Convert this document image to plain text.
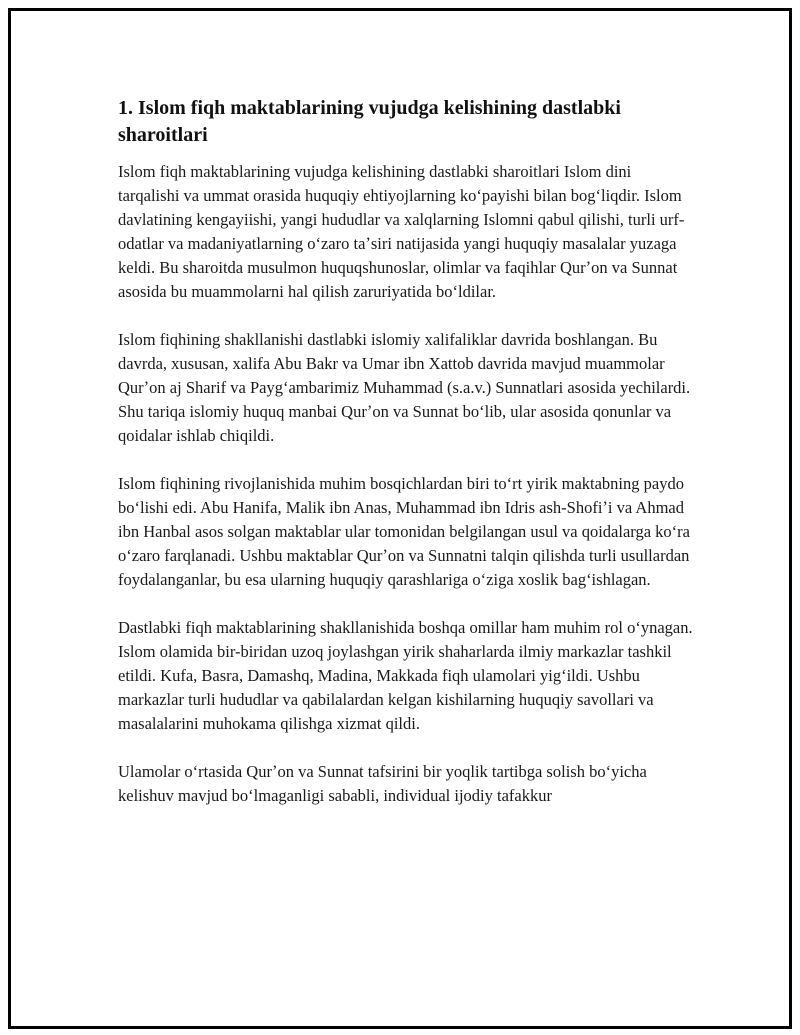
1. Islom fiqh maktablarining vujudga kelishining dastlabki sharoitlari

Islom fiqh maktablarining vujudga kelishining dastlabki sharoitlari Islom dini tarqalishi va ummat orasida huquqiy ehtiyojlarning koʻpayishi bilan bogʻliqdir. Islom davlatining kengayiishi, yangi hududlar va xalqlarning Islomni qabul qilishi, turli urf-odatlar va madaniyatlarning oʻzaro taʼsiri natijasida yangi huquqiy masalalar yuzaga keldi. Bu sharoitda musulmon huquqshunoslar, olimlar va faqihlar Qurʼon va Sunnat asosida bu muammolarni hal qilish zaruriyatida boʻldilar.

Islom fiqhining shakllanishi dastlabki islomiy xalifaliklar davrida boshlangan. Bu davrda, xususan, xalifa Abu Bakr va Umar ibn Xattob davrida mavjud muammolar Qurʼon aj Sharif va Paygʻambarimiz Muhammad (s.a.v.) Sunnatlari asosida yechilardi. Shu tariqa islomiy huquq manbai Qurʼon va Sunnat boʻlib, ular asosida qonunlar va qoidalar ishlab chiqildi.

Islom fiqhining rivojlanishida muhim bosqichlardan biri toʻrt yirik maktabning paydo boʻlishi edi. Abu Hanifa, Malik ibn Anas, Muhammad ibn Idris ash-Shofiʼi va Ahmad ibn Hanbal asos solgan maktablar ular tomonidan belgilangan usul va qoidalarga koʻra oʻzaro farqlanadi. Ushbu maktablar Qurʼon va Sunnatni talqin qilishda turli usullardan foydalanganlar, bu esa ularning huquqiy qarashlariga oʻziga xoslik bagʻishlagan.

Dastlabki fiqh maktablarining shakllanishida boshqa omillar ham muhim rol oʻynagan. Islom olamida bir-biridan uzoq joylashgan yirik shaharlarda ilmiy markazlar tashkil etildi. Kufa, Basra, Damashq, Madina, Makkada fiqh ulamolari yigʻildi. Ushbu markazlar turli hududlar va qabilalardan kelgan kishilarning huquqiy savollari va masalalarini muhokama qilishga xizmat qildi.

Ulamolar oʻrtasida Qurʼon va Sunnat tafsirini bir yoqlik tartibga solish boʻyicha kelishuv mavjud boʻlmaganligi sababli, individual ijodiy tafakkur
